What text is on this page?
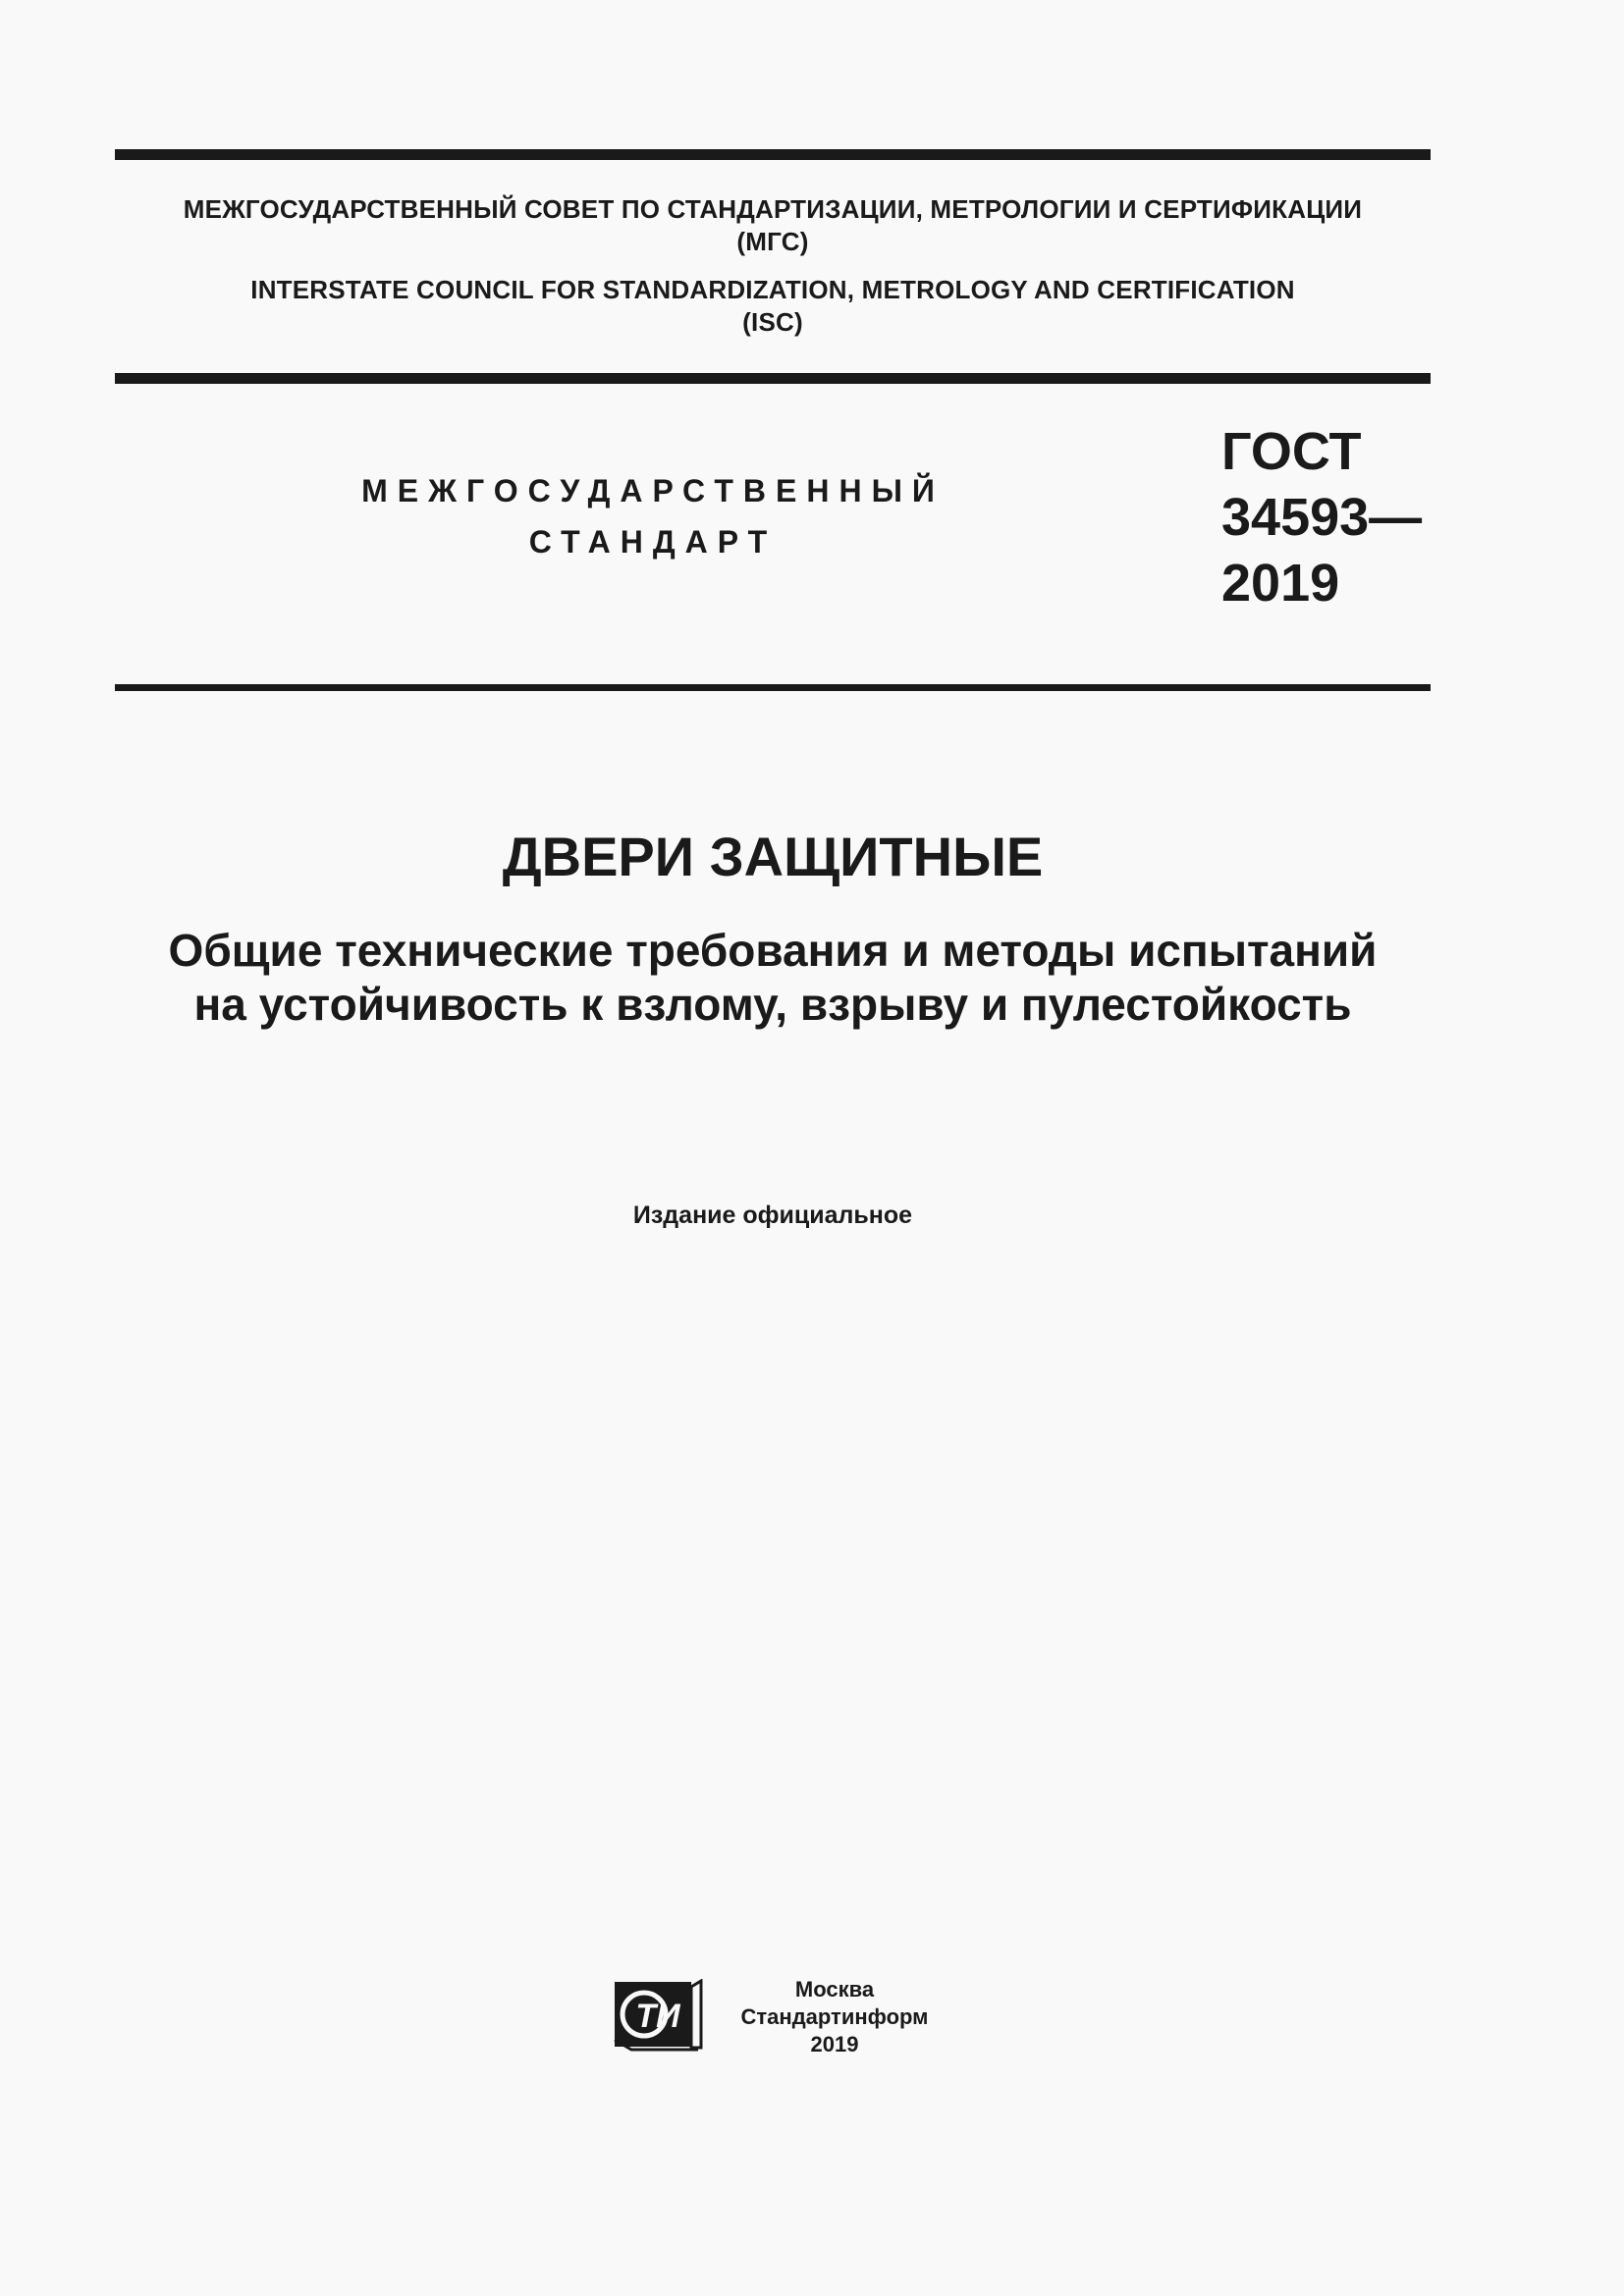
МЕЖГОСУДАРСТВЕННЫЙ СОВЕТ ПО СТАНДАРТИЗАЦИИ, МЕТРОЛОГИИ И СЕРТИФИКАЦИИ
(МГС)
INTERSTATE COUNCIL FOR STANDARDIZATION, METROLOGY AND CERTIFICATION
(ISC)
МЕЖГОСУДАРСТВЕННЫЙ
СТАНДАРТ
ГОСТ
34593—
2019
ДВЕРИ ЗАЩИТНЫЕ
Общие технические требования и методы испытаний
на устойчивость к взлому, взрыву и пулестойкость
Издание официальное
ТИ
Москва
Стандартинформ
2019
